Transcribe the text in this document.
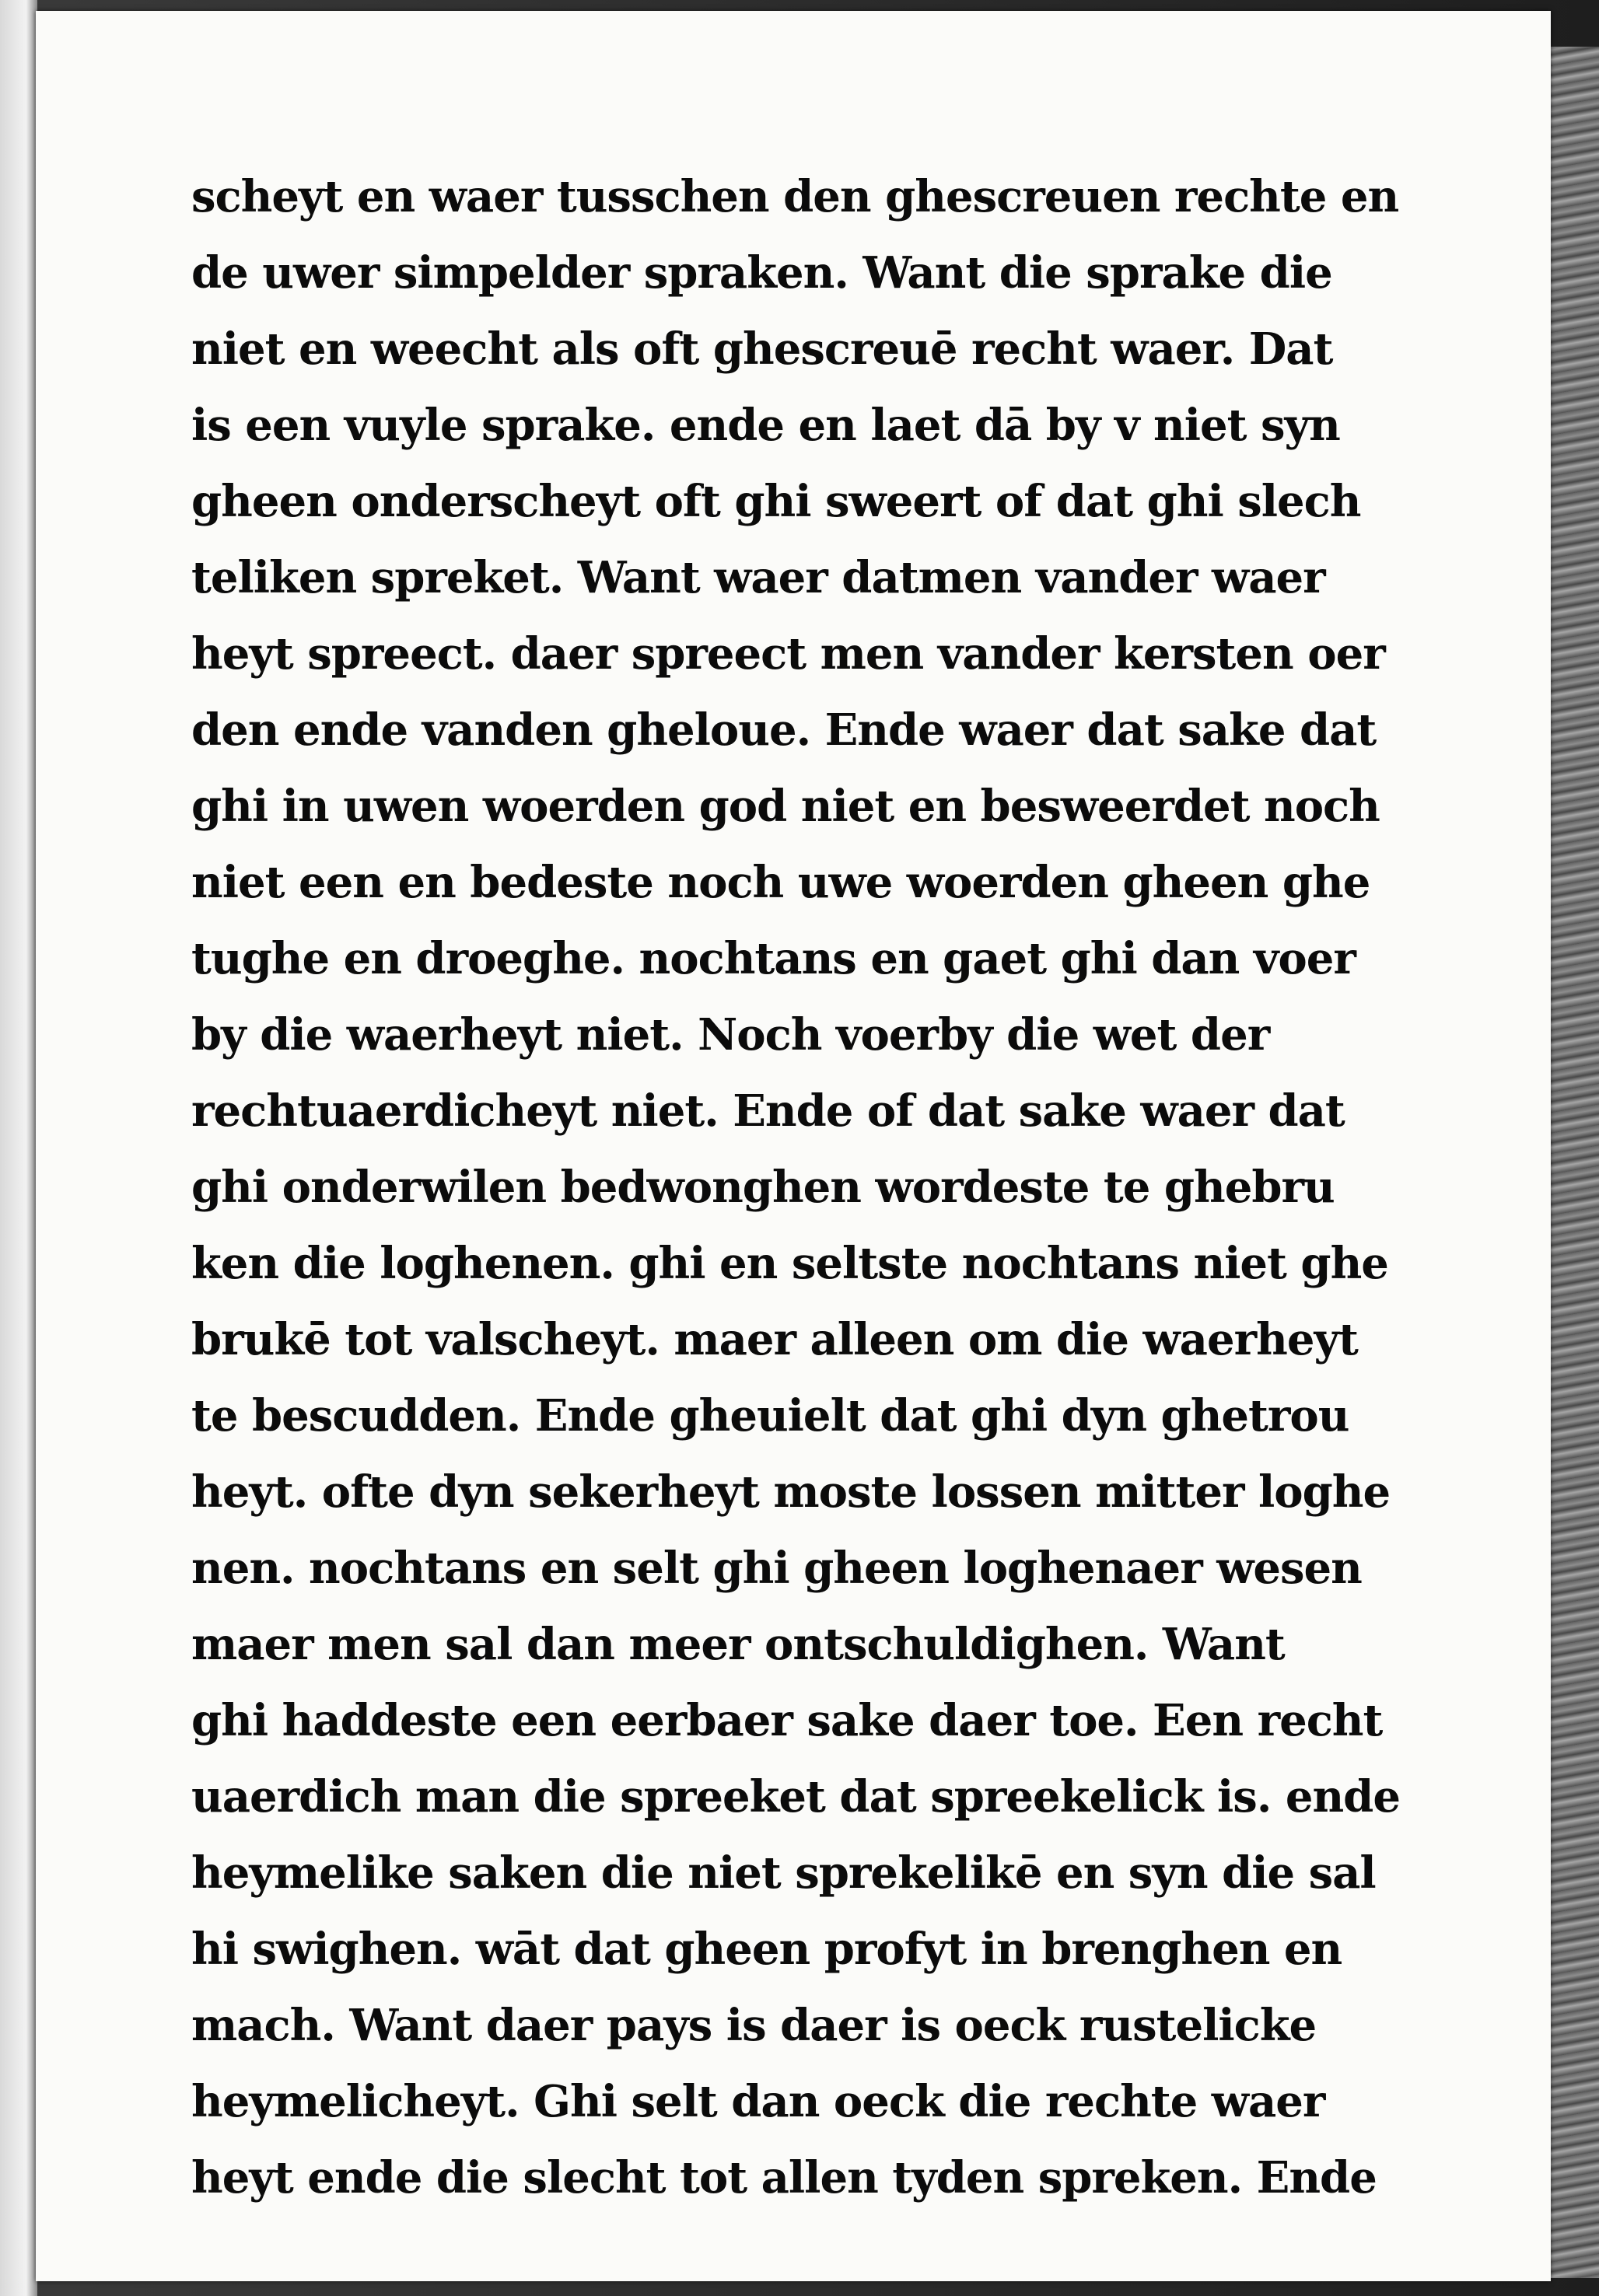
scheyt en waer tusschen den ghescreuen rechte en
de uwer simpelder spraken. Want die sprake die
niet en weecht als oft ghescreuē recht waer. Dat
is een vuyle sprake. ende en laet dā by v niet syn
gheen onderscheyt oft ghi sweert of dat ghi slech
teliken spreket. Want waer datmen vander waer
heyt spreect. daer spreect men vander kersten oer
den ende vanden gheloue. Ende waer dat sake dat
ghi in uwen woerden god niet en besweerdet noch
niet een en bedeste noch uwe woerden gheen ghe
tughe en droeghe. nochtans en gaet ghi dan voer
by die waerheyt niet. Noch voerby die wet der
rechtuaerdicheyt niet. Ende of dat sake waer dat
ghi onderwilen bedwonghen wordeste te ghebru
ken die loghenen. ghi en seltste nochtans niet ghe
brukē tot valscheyt. maer alleen om die waerheyt
te bescudden. Ende gheuielt dat ghi dyn ghetrou
heyt. ofte dyn sekerheyt moste lossen mitter loghe
nen. nochtans en selt ghi gheen loghenaer wesen
maer men sal dan meer ontschuldighen. Want
ghi haddeste een eerbaer sake daer toe. Een recht
uaerdich man die spreeket dat spreekelick is. ende
heymelike saken die niet sprekelikē en syn die sal
hi swighen. wāt dat gheen profyt in brenghen en
mach. Want daer pays is daer is oeck rustelicke
heymelicheyt. Ghi selt dan oeck die rechte waer
heyt ende die slecht tot allen tyden spreken. Ende
